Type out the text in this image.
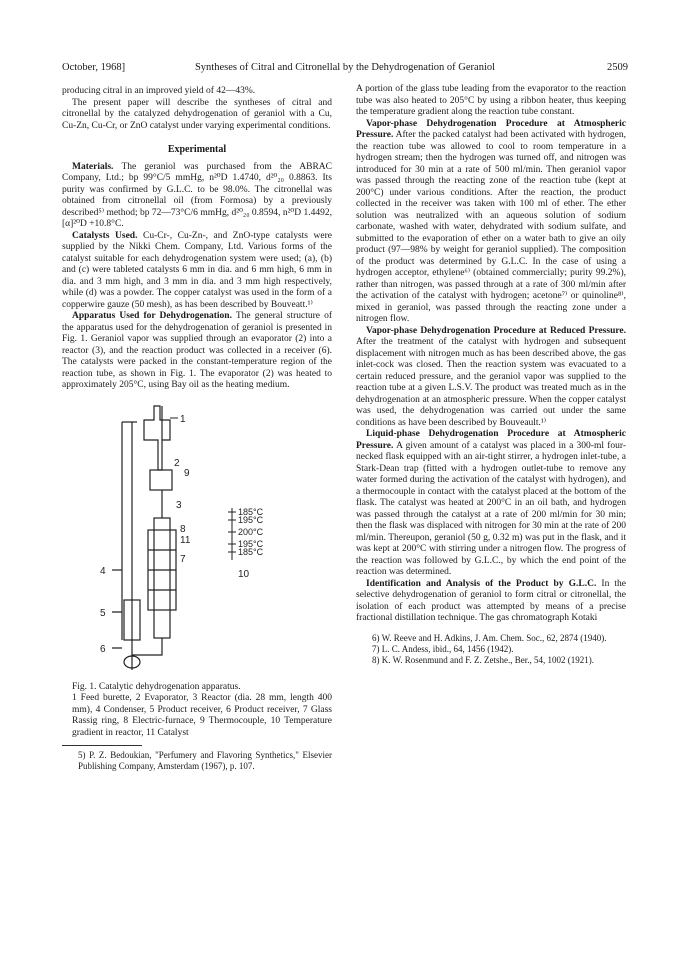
October, 1968]	Syntheses of Citral and Citronellal by the Dehydrogenation of Geraniol	2509

producing citral in an improved yield of 42—43%.

The present paper will describe the syntheses of citral and citronellal by the catalyzed dehydrogenation of geraniol with a Cu, Cu-Zn, Cu-Cr, or ZnO catalyst under varying experimental conditions.

Experimental

Materials. The geraniol was purchased from the ABRAC Company, Ltd.; bp 99°C/5 mmHg, n²⁰D 1.4740, d²⁰₂₀ 0.8863. Its purity was confirmed by G.L.C. to be 98.0%. The citronellal was obtained from citronellal oil (from Formosa) by a previously described⁵⁾ method; bp 72—73°C/6 mmHg, d²⁰₂₀ 0.8594, n²⁰D 1.4492, [α]²⁰D +10.8°C.

Catalysts Used. Cu-Cr-, Cu-Zn-, and ZnO-type catalysts were supplied by the Nikki Chem. Company, Ltd. Various forms of the catalyst suitable for each dehydrogenation system were used; (a), (b) and (c) were tableted catalysts 6 mm in dia. and 6 mm high, 6 mm in dia. and 3 mm high, and 3 mm in dia. and 3 mm high respectively, while (d) was a powder. The copper catalyst was used in the form of a copperwire gauze (50 mesh), as has been described by Bouveatt.¹⁾

Apparatus Used for Dehydrogenation. The general structure of the apparatus used for the dehydrogenation of geraniol is presented in Fig. 1. Geraniol vapor was supplied through an evaporator (2) into a reactor (3), and the reaction product was collected in a receiver (6). The catalysts were packed in the constant-temperature region of the reaction tube, as shown in Fig. 1. The evaporator (2) was heated to approximately 205°C, using Bay oil as the heating medium.

1
2
9
3
8
11
7
4
5
6
10
185°C
195°C
200°C
195°C
185°C
Fig. 1. Catalytic dehydrogenation apparatus.
1 Feed burette, 2 Evaporator, 3 Reactor (dia. 28 mm, length 400 mm), 4 Condenser, 5 Product receiver, 6 Product receiver, 7 Glass Rassig ring, 8 Electric-furnace, 9 Thermocouple, 10 Temperature gradient in reactor, 11 Catalyst
5) P. Z. Bedoukian, "Perfumery and Flavoring Synthetics," Elsevier Publishing Company, Amsterdam (1967), p. 107.

A portion of the glass tube leading from the evaporator to the reaction tube was also heated to 205°C by using a ribbon heater, thus keeping the temperature gradient along the reaction tube constant.

Vapor-phase Dehydrogenation Procedure at Atmospheric Pressure. After the packed catalyst had been activated with hydrogen, the reaction tube was allowed to cool to room temperature in a hydrogen stream; then the hydrogen was turned off, and nitrogen was introduced for 30 min at a rate of 500 ml/min. Then geraniol vapor was passed through the reacting zone of the reaction tube (kept at 200°C) under various conditions. After the reaction, the product collected in the receiver was taken with 100 ml of ether. The ether solution was neutralized with an aqueous solution of sodium carbonate, washed with water, dehydrated with sodium sulfate, and submitted to the evaporation of ether on a water bath to give an oily product (97—98% by weight for geraniol supplied). The composition of the product was determined by G.L.C. In the case of using a hydrogen acceptor, ethylene⁶⁾ (obtained commercially; purity 99.2%), rather than nitrogen, was passed through at a rate of 300 ml/min after the activation of the catalyst with hydrogen; acetone⁷⁾ or quinoline⁸⁾, mixed in geraniol, was passed through the reacting zone under a nitrogen flow.

Vapor-phase Dehydrogenation Procedure at Reduced Pressure. After the treatment of the catalyst with hydrogen and subsequent displacement with nitrogen much as has been described above, the gas inlet-cock was closed. Then the reaction system was evacuated to a certain reduced pressure, and the geraniol vapor was supplied to the reaction tube at a given L.S.V. The product was treated much as in the dehydrogenation at an atmospheric pressure. When the copper catalyst was used, the dehydrogenation was carried out under the same conditions as have been described by Bouveault.¹⁾

Liquid-phase Dehydrogenation Procedure at Atmospheric Pressure. A given amount of a catalyst was placed in a 300-ml four-necked flask equipped with an air-tight stirrer, a hydrogen inlet-tube, a Stark-Dean trap (fitted with a hydrogen outlet-tube to remove any water formed during the activation of the catalyst with hydrogen), and a thermocouple in contact with the catalyst placed at the bottom of the flask. The catalyst was heated at 200°C in an oil bath, and hydrogen was passed through the catalyst at a rate of 200 ml/min for 30 min; then the flask was displaced with nitrogen for 30 min at the rate of 200 ml/min. Thereupon, geraniol (50 g, 0.32 m) was put in the flask, and it was kept at 200°C with stirring under a nitrogen flow. The progress of the reaction was followed by G.L.C., by which the end point of the reaction was determined.

Identification and Analysis of the Product by G.L.C. In the selective dehydrogenation of geraniol to form citral or citronellal, the isolation of each product was attempted by means of a precise fractional distillation technique. The gas chromatograph Kotaki

6) W. Reeve and H. Adkins, J. Am. Chem. Soc., 62, 2874 (1940).
7) L. C. Andess, ibid., 64, 1456 (1942).
8) K. W. Rosenmund and F. Z. Zetshe., Ber., 54, 1002 (1921).
